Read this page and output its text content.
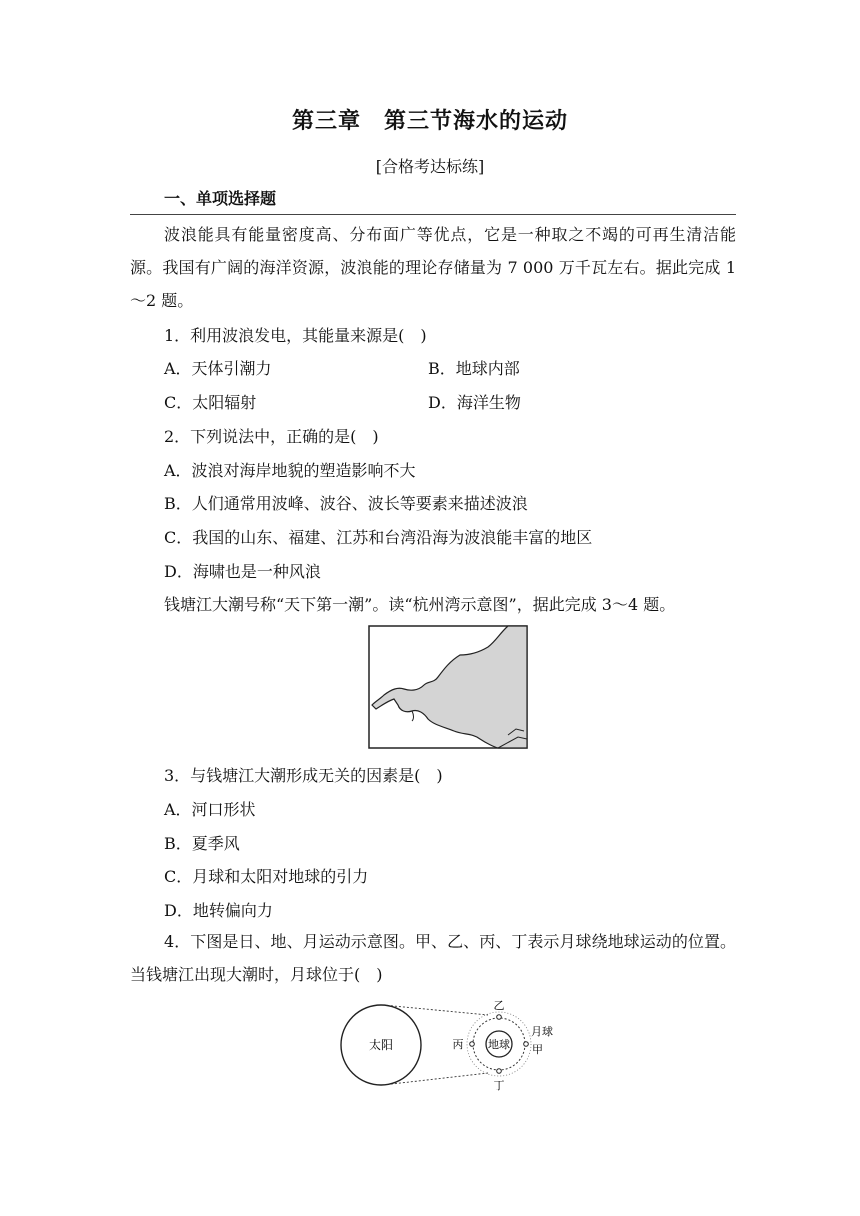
第三章　第三节海水的运动
[合格考达标练]
一、单项选择题
波浪能具有能量密度高、分布面广等优点，它是一种取之不竭的可再生清洁能源。我国有广阔的海洋资源，波浪能的理论存储量为 7 000 万千瓦左右。据此完成 1～2 题。
1．利用波浪发电，其能量来源是(　)
A．天体引潮力	B．地球内部
C．太阳辐射	D．海洋生物
2．下列说法中，正确的是(　)
A．波浪对海岸地貌的塑造影响不大
B．人们通常用波峰、波谷、波长等要素来描述波浪
C．我国的山东、福建、江苏和台湾沿海为波浪能丰富的地区
D．海啸也是一种风浪
钱塘江大潮号称“天下第一潮”。读“杭州湾示意图”，据此完成 3～4 题。
3．与钱塘江大潮形成无关的因素是(　)
A．河口形状
B．夏季风
C．月球和太阳对地球的引力
D．地转偏向力
4．下图是日、地、月运动示意图。甲、乙、丙、丁表示月球绕地球运动的位置。当钱塘江出现大潮时，月球位于(　)
太阳	地球
月球
甲
乙
丙
丁
